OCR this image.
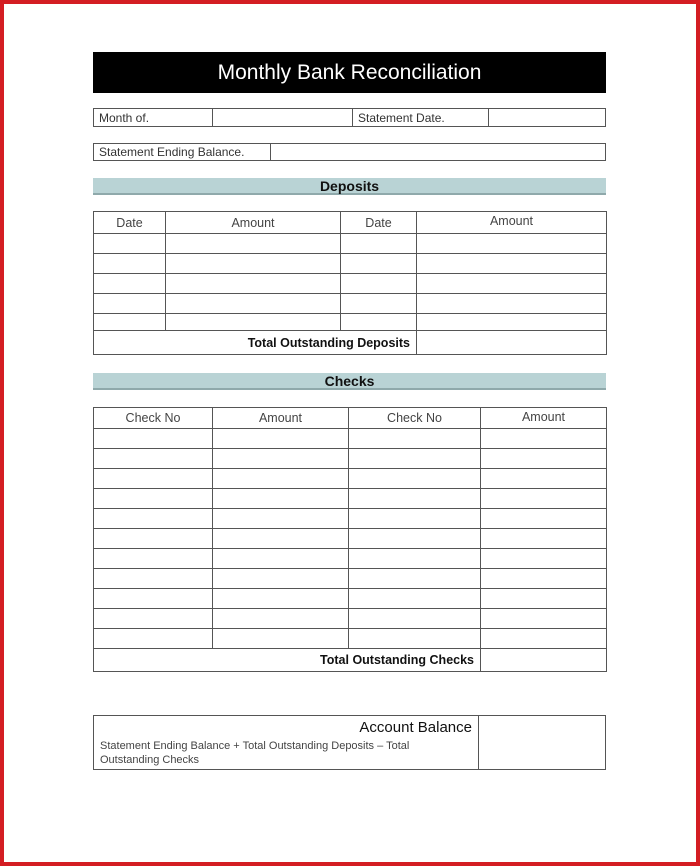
Monthly Bank Reconciliation
Month of.	Statement Date.
Statement Ending Balance.
Deposits
Date	Amount	Date	Amount

Total Outstanding Deposits			
Checks
Check No	Amount	Check No	Amount

Total Outstanding Checks			
Account Balance
Statement Ending Balance + Total Outstanding Deposits – Total Outstanding Checks
